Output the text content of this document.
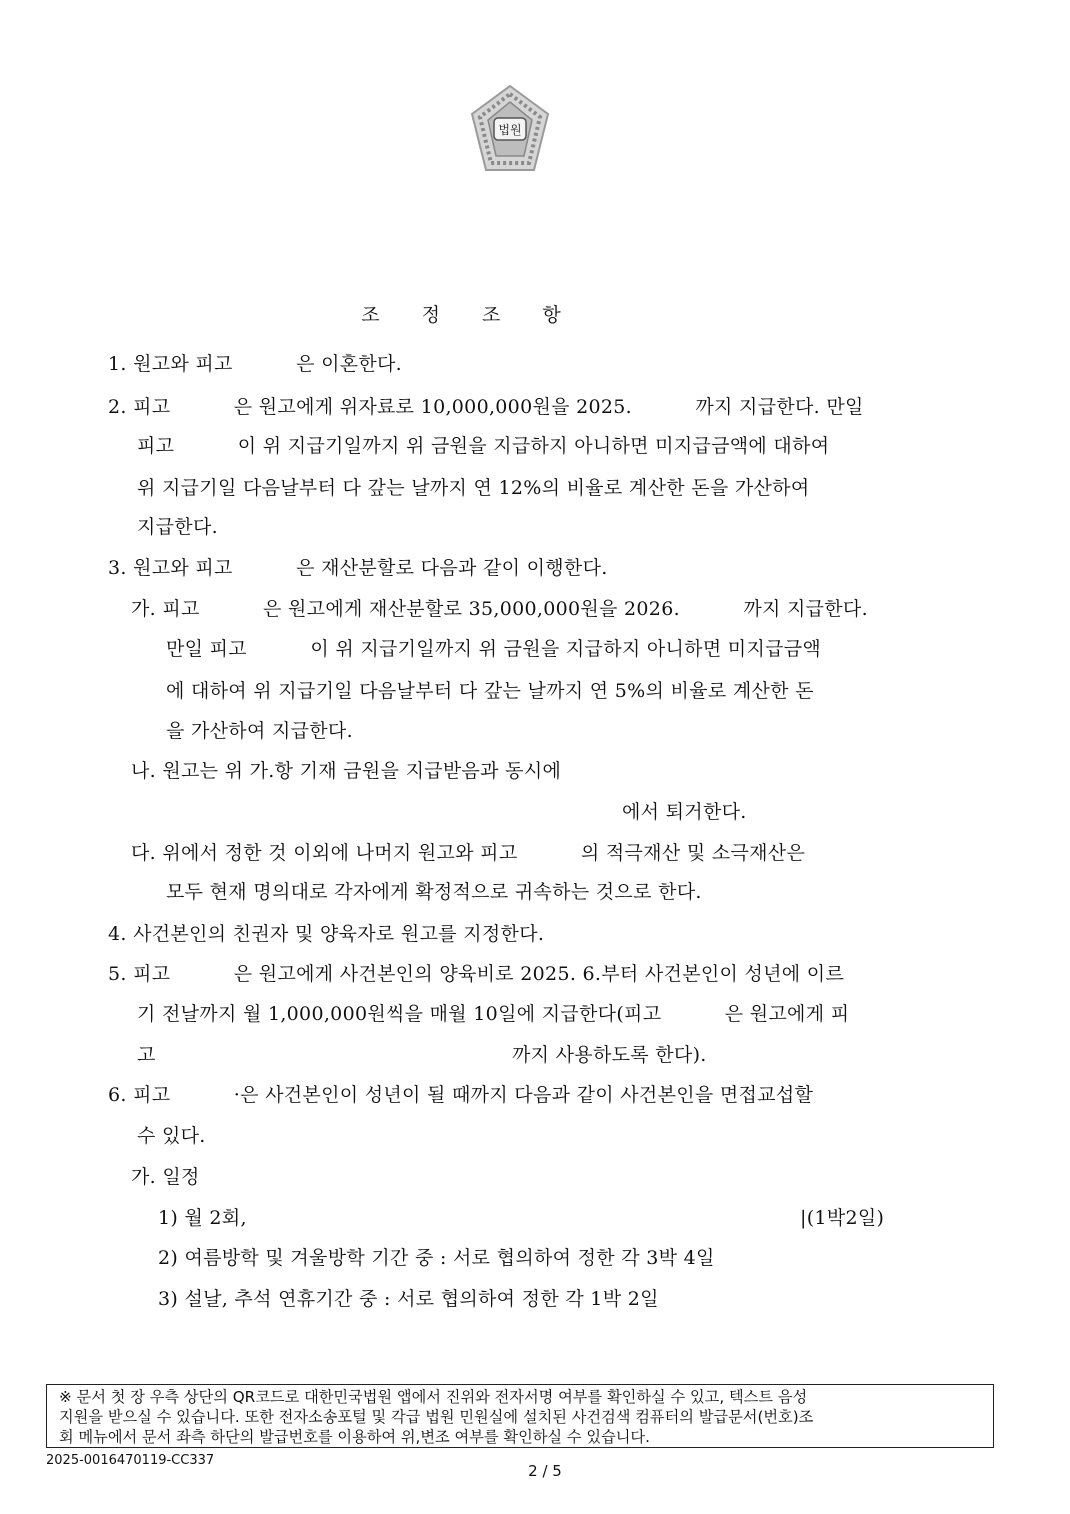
법원
조 정 조 항
1. 원고와 피고          은 이혼한다.
2. 피고          은 원고에게 위자료로 10,000,000원을 2025.          까지 지급한다. 만일
피고          이 위 지급기일까지 위 금원을 지급하지 아니하면 미지급금액에 대하여
위 지급기일 다음날부터 다 갚는 날까지 연 12%의 비율로 계산한 돈을 가산하여
지급한다.
3. 원고와 피고          은 재산분할로 다음과 같이 이행한다.
가. 피고          은 원고에게 재산분할로 35,000,000원을 2026.          까지 지급한다.
만일 피고          이 위 지급기일까지 위 금원을 지급하지 아니하면 미지급금액
에 대하여 위 지급기일 다음날부터 다 갚는 날까지 연 5%의 비율로 계산한 돈
을 가산하여 지급한다.
나. 원고는 위 가.항 기재 금원을 지급받음과 동시에
에서 퇴거한다.
다. 위에서 정한 것 이외에 나머지 원고와 피고          의 적극재산 및 소극재산은
모두 현재 명의대로 각자에게 확정적으로 귀속하는 것으로 한다.
4. 사건본인의 친권자 및 양육자로 원고를 지정한다.
5. 피고          은 원고에게 사건본인의 양육비로 2025. 6.부터 사건본인이 성년에 이르
기 전날까지 월 1,000,000원씩을 매월 10일에 지급한다(피고          은 원고에게 피
고	까지 사용하도록 한다).
6. 피고          ·은 사건본인이 성년이 될 때까지 다음과 같이 사건본인을 면접교섭할
수 있다.
가. 일정
1) 월 2회,	|(1박2일)
2) 여름방학 및 겨울방학 기간 중 : 서로 협의하여 정한 각 3박 4일
3) 설날, 추석 연휴기간 중 : 서로 협의하여 정한 각 1박 2일
※ 문서 첫 장 우측 상단의 QR코드로 대한민국법원 앱에서 진위와 전자서명 여부를 확인하실 수 있고, 텍스트 음성
지원을 받으실 수 있습니다. 또한 전자소송포털 및 각급 법원 민원실에 설치된 사건검색 컴퓨터의 발급문서(번호)조
회 메뉴에서 문서 좌측 하단의 발급번호를 이용하여 위,변조 여부를 확인하실 수 있습니다.
2025-0016470119-CC337
2 / 5
